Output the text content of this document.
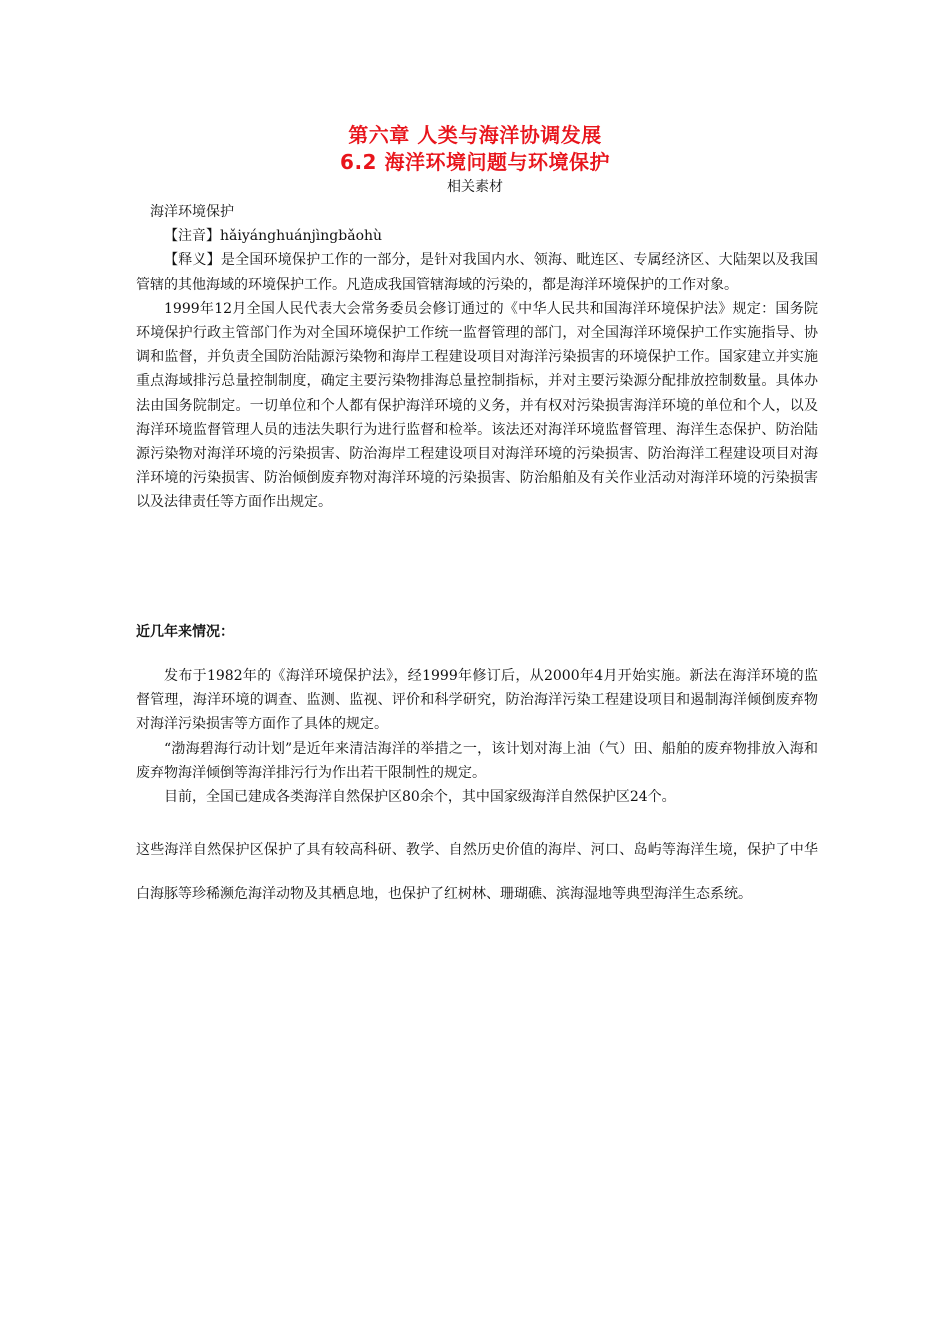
第六章 人类与海洋协调发展
6.2 海洋环境问题与环境保护

相关素材

海洋环境保护

【注音】hǎiyánghuánjìngbǎohù

【释义】是全国环境保护工作的一部分，是针对我国内水、领海、毗连区、专属经济区、大陆架以及我国管辖的其他海域的环境保护工作。凡造成我国管辖海域的污染的，都是海洋环境保护的工作对象。

1999年12月全国人民代表大会常务委员会修订通过的《中华人民共和国海洋环境保护法》规定：国务院环境保护行政主管部门作为对全国环境保护工作统一监督管理的部门，对全国海洋环境保护工作实施指导、协调和监督，并负责全国防治陆源污染物和海岸工程建设项目对海洋污染损害的环境保护工作。国家建立并实施重点海域排污总量控制制度，确定主要污染物排海总量控制指标，并对主要污染源分配排放控制数量。具体办法由国务院制定。一切单位和个人都有保护海洋环境的义务，并有权对污染损害海洋环境的单位和个人，以及海洋环境监督管理人员的违法失职行为进行监督和检举。该法还对海洋环境监督管理、海洋生态保护、防治陆源污染物对海洋环境的污染损害、防治海岸工程建设项目对海洋环境的污染损害、防治海洋工程建设项目对海洋环境的污染损害、防治倾倒废弃物对海洋环境的污染损害、防治船舶及有关作业活动对海洋环境的污染损害以及法律责任等方面作出规定。

近几年来情况：

发布于1982年的《海洋环境保护法》，经1999年修订后，从2000年4月开始实施。新法在海洋环境的监督管理，海洋环境的调查、监测、监视、评价和科学研究，防治海洋污染工程建设项目和遏制海洋倾倒废弃物对海洋污染损害等方面作了具体的规定。

“渤海碧海行动计划”是近年来清洁海洋的举措之一，该计划对海上油（气）田、船舶的废弃物排放入海和废弃物海洋倾倒等海洋排污行为作出若干限制性的规定。

目前，全国已建成各类海洋自然保护区80余个，其中国家级海洋自然保护区24个。

这些海洋自然保护区保护了具有较高科研、教学、自然历史价值的海岸、河口、岛屿等海洋生境，保护了中华白海豚等珍稀濒危海洋动物及其栖息地，也保护了红树林、珊瑚礁、滨海湿地等典型海洋生态系统。
